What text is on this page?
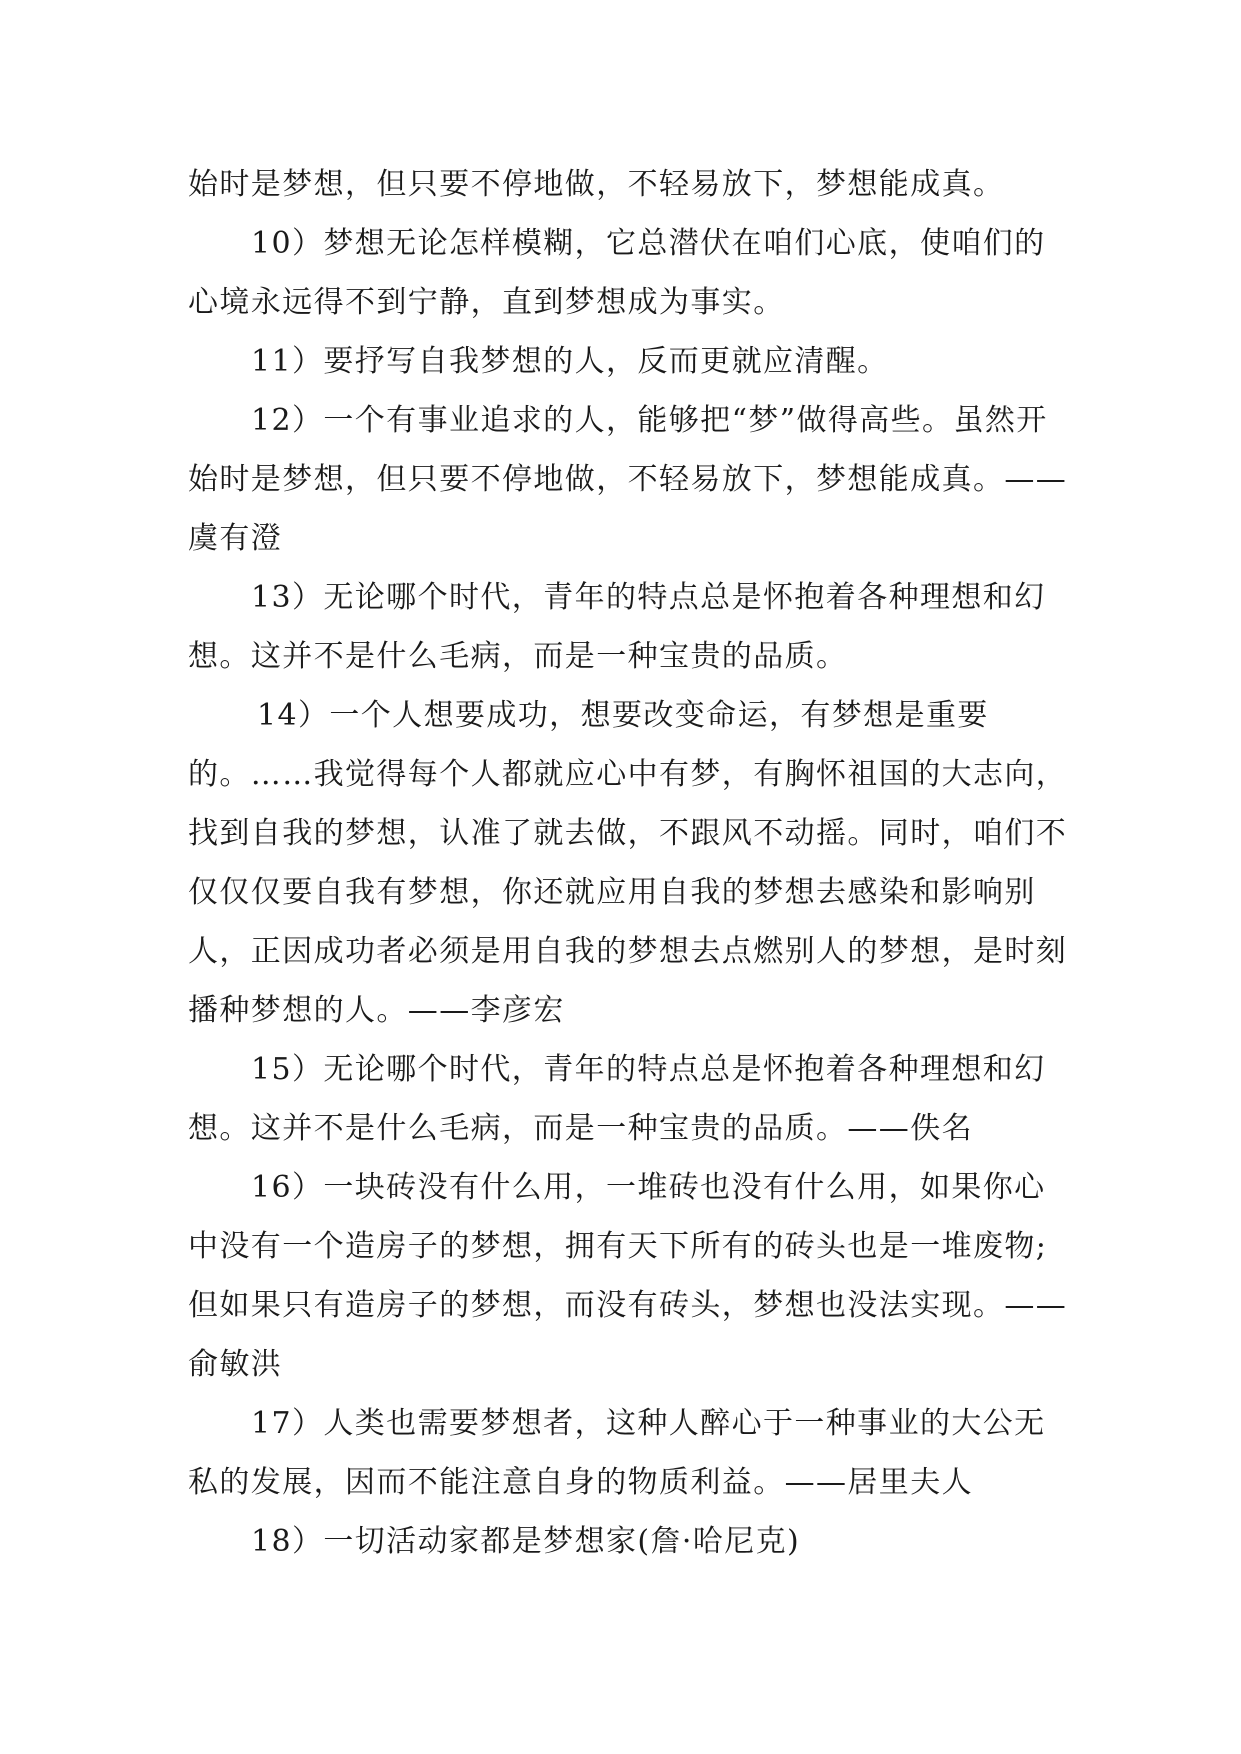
始时是梦想，但只要不停地做，不轻易放下，梦想能成真。

10）梦想无论怎样模糊，它总潜伏在咱们心底，使咱们的心境永远得不到宁静，直到梦想成为事实。

11）要抒写自我梦想的人，反而更就应清醒。

12）一个有事业追求的人，能够把“梦”做得高些。虽然开始时是梦想，但只要不停地做，不轻易放下，梦想能成真。——虞有澄

13）无论哪个时代，青年的特点总是怀抱着各种理想和幻想。这并不是什么毛病，而是一种宝贵的品质。

14）一个人想要成功，想要改变命运，有梦想是重要的。……我觉得每个人都就应心中有梦，有胸怀祖国的大志向，找到自我的梦想，认准了就去做，不跟风不动摇。同时，咱们不仅仅仅要自我有梦想，你还就应用自我的梦想去感染和影响别人，正因成功者必须是用自我的梦想去点燃别人的梦想，是时刻播种梦想的人。——李彦宏

15）无论哪个时代，青年的特点总是怀抱着各种理想和幻想。这并不是什么毛病，而是一种宝贵的品质。——佚名

16）一块砖没有什么用，一堆砖也没有什么用，如果你心中没有一个造房子的梦想，拥有天下所有的砖头也是一堆废物;但如果只有造房子的梦想，而没有砖头，梦想也没法实现。——俞敏洪

17）人类也需要梦想者，这种人醉心于一种事业的大公无私的发展，因而不能注意自身的物质利益。——居里夫人

18）一切活动家都是梦想家(詹·哈尼克)
